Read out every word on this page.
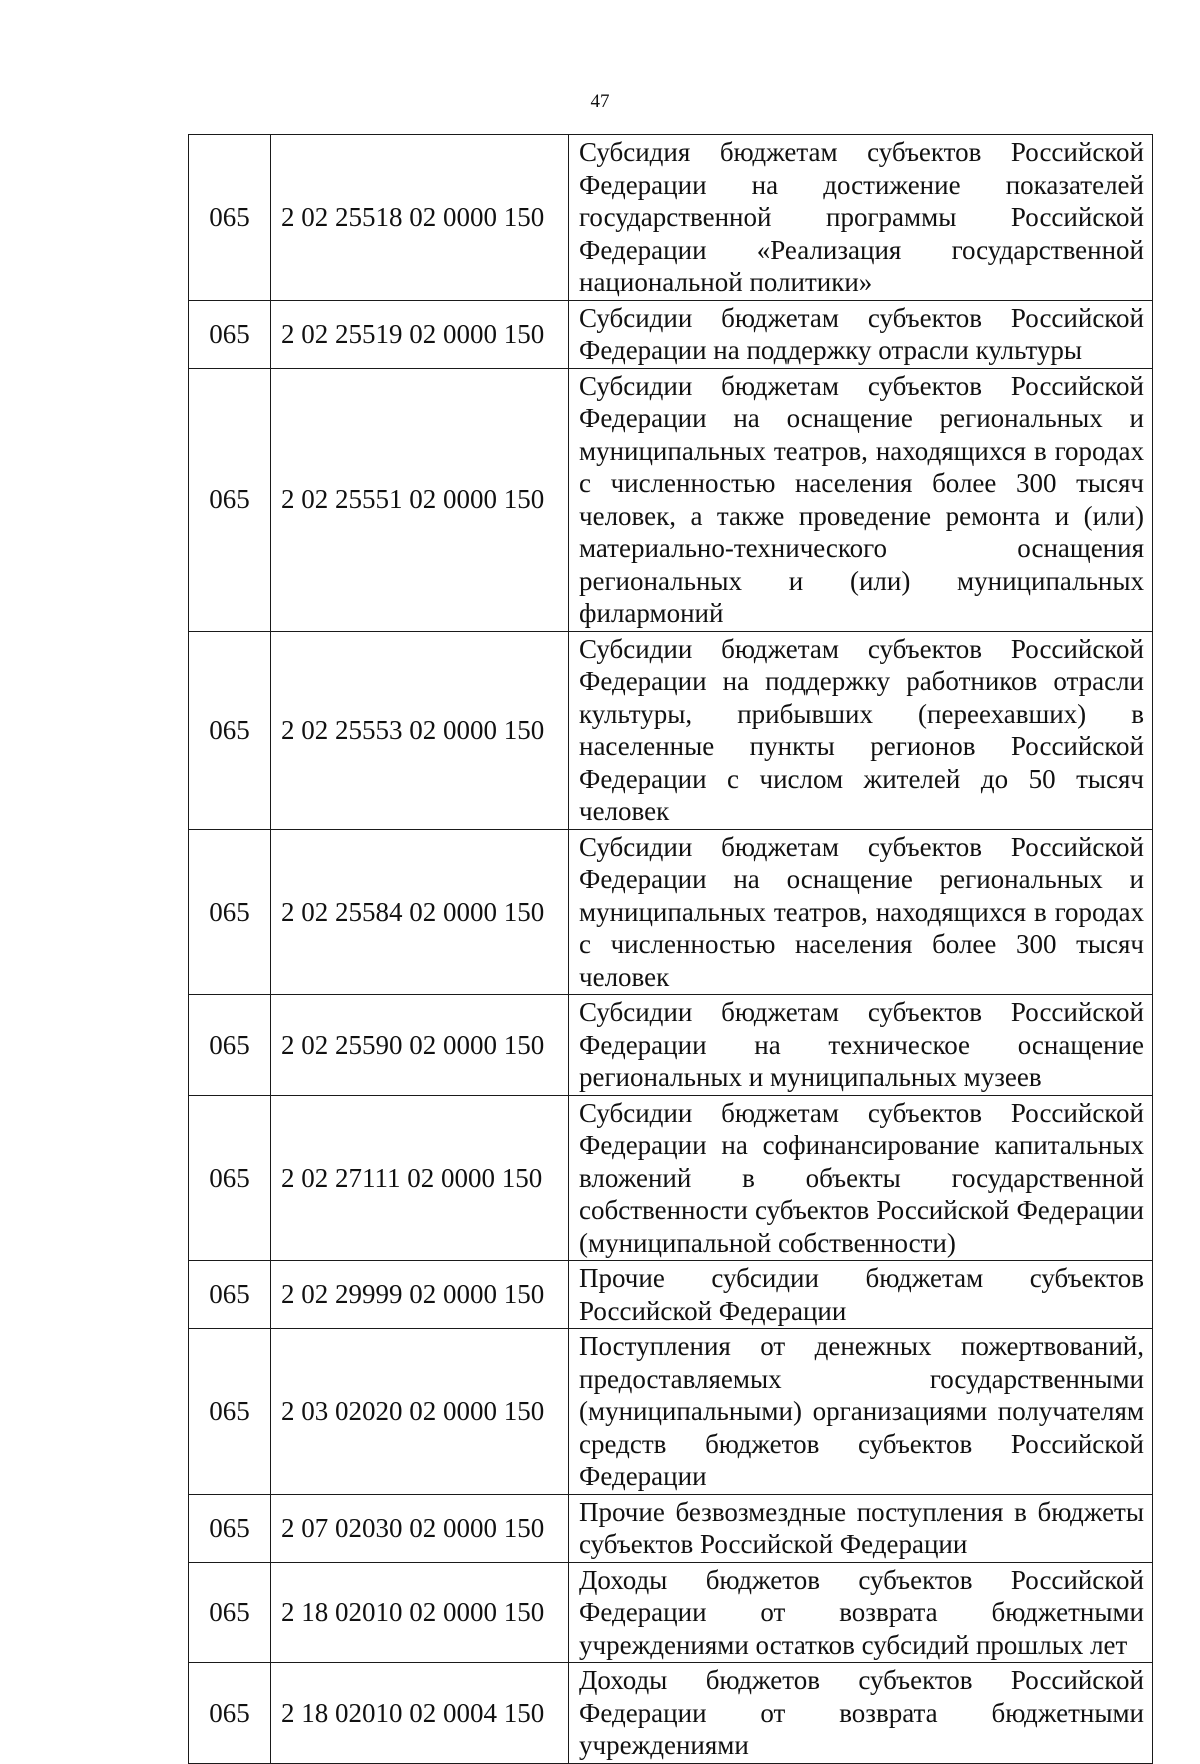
47
065	2 02 25518 02 0000 150	Субсидия бюджетам субъектов Российской Федерации на достижение показателей государственной программы Российской Федерации «Реализация государственной национальной политики»
065	2 02 25519 02 0000 150	Субсидии бюджетам субъектов Российской Федерации на поддержку отрасли культуры
065	2 02 25551 02 0000 150	Субсидии бюджетам субъектов Российской Федерации на оснащение региональных и муниципальных театров, находящихся в городах с численностью населения более 300 тысяч человек, а также проведение ремонта и (или) материально-технического оснащения региональных и (или) муниципальных филармоний
065	2 02 25553 02 0000 150	Субсидии бюджетам субъектов Российской Федерации на поддержку работников отрасли культуры, прибывших (переехавших) в населенные пункты регионов Российской Федерации с числом жителей до 50 тысяч человек
065	2 02 25584 02 0000 150	Субсидии бюджетам субъектов Российской Федерации на оснащение региональных и муниципальных театров, находящихся в городах с численностью населения более 300 тысяч человек
065	2 02 25590 02 0000 150	Субсидии бюджетам субъектов Российской Федерации на техническое оснащение региональных и муниципальных музеев
065	2 02 27111 02 0000 150	Субсидии бюджетам субъектов Российской Федерации на софинансирование капитальных вложений в объекты государственной собственности субъектов Российской Федерации (муниципальной собственности)
065	2 02 29999 02 0000 150	Прочие субсидии бюджетам субъектов Российской Федерации
065	2 03 02020 02 0000 150	Поступления от денежных пожертвований, предоставляемых государственными (муниципальными) организациями получателям средств бюджетов субъектов Российской Федерации
065	2 07 02030 02 0000 150	Прочие безвозмездные поступления в бюджеты субъектов Российской Федерации
065	2 18 02010 02 0000 150	Доходы бюджетов субъектов Российской Федерации от возврата бюджетными учреждениями остатков субсидий прошлых лет
065	2 18 02010 02 0004 150	Доходы бюджетов субъектов Российской Федерации от возврата бюджетными учреждениями
